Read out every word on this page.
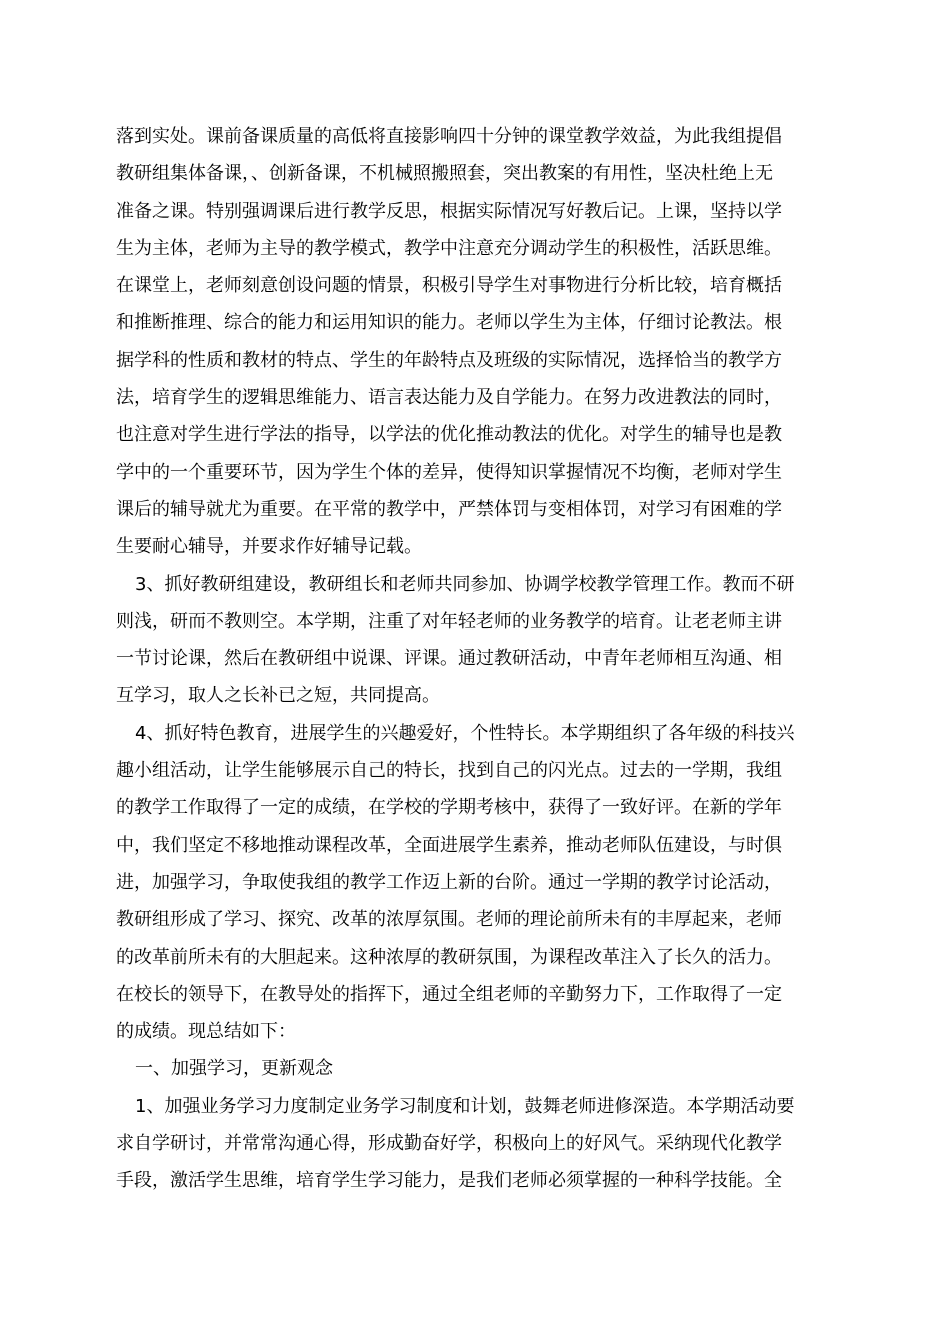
落到实处。课前备课质量的高低将直接影响四十分钟的课堂教学效益，为此我组提倡
教研组集体备课，、创新备课，不机械照搬照套，突出教案的有用性，坚决杜绝上无
准备之课。特别强调课后进行教学反思，根据实际情况写好教后记。上课，坚持以学
生为主体，老师为主导的教学模式，教学中注意充分调动学生的积极性，活跃思维。
在课堂上，老师刻意创设问题的情景，积极引导学生对事物进行分析比较，培育概括
和推断推理、综合的能力和运用知识的能力。老师以学生为主体，仔细讨论教法。根
据学科的性质和教材的特点、学生的年龄特点及班级的实际情况，选择恰当的教学方
法，培育学生的逻辑思维能力、语言表达能力及自学能力。在努力改进教法的同时，
也注意对学生进行学法的指导，以学法的优化推动教法的优化。对学生的辅导也是教
学中的一个重要环节，因为学生个体的差异，使得知识掌握情况不均衡，老师对学生
课后的辅导就尤为重要。在平常的教学中，严禁体罚与变相体罚，对学习有困难的学
生要耐心辅导，并要求作好辅导记载。
3、抓好教研组建设，教研组长和老师共同参加、协调学校教学管理工作。教而不研
则浅，研而不教则空。本学期，注重了对年轻老师的业务教学的培育。让老老师主讲
一节讨论课，然后在教研组中说课、评课。通过教研活动，中青年老师相互沟通、相
互学习，取人之长补已之短，共同提高。
4、抓好特色教育，进展学生的兴趣爱好，个性特长。本学期组织了各年级的科技兴
趣小组活动，让学生能够展示自己的特长，找到自己的闪光点。过去的一学期，我组
的教学工作取得了一定的成绩，在学校的学期考核中，获得了一致好评。在新的学年
中，我们坚定不移地推动课程改革，全面进展学生素养，推动老师队伍建设，与时俱
进，加强学习，争取使我组的教学工作迈上新的台阶。通过一学期的教学讨论活动，
教研组形成了学习、探究、改革的浓厚氛围。老师的理论前所未有的丰厚起来，老师
的改革前所未有的大胆起来。这种浓厚的教研氛围，为课程改革注入了长久的活力。
在校长的领导下，在教导处的指挥下，通过全组老师的辛勤努力下，工作取得了一定
的成绩。现总结如下：
一、加强学习，更新观念
1、加强业务学习力度制定业务学习制度和计划，鼓舞老师进修深造。本学期活动要
求自学研讨，并常常沟通心得，形成勤奋好学，积极向上的好风气。采纳现代化教学
手段，激活学生思维，培育学生学习能力，是我们老师必须掌握的一种科学技能。全
